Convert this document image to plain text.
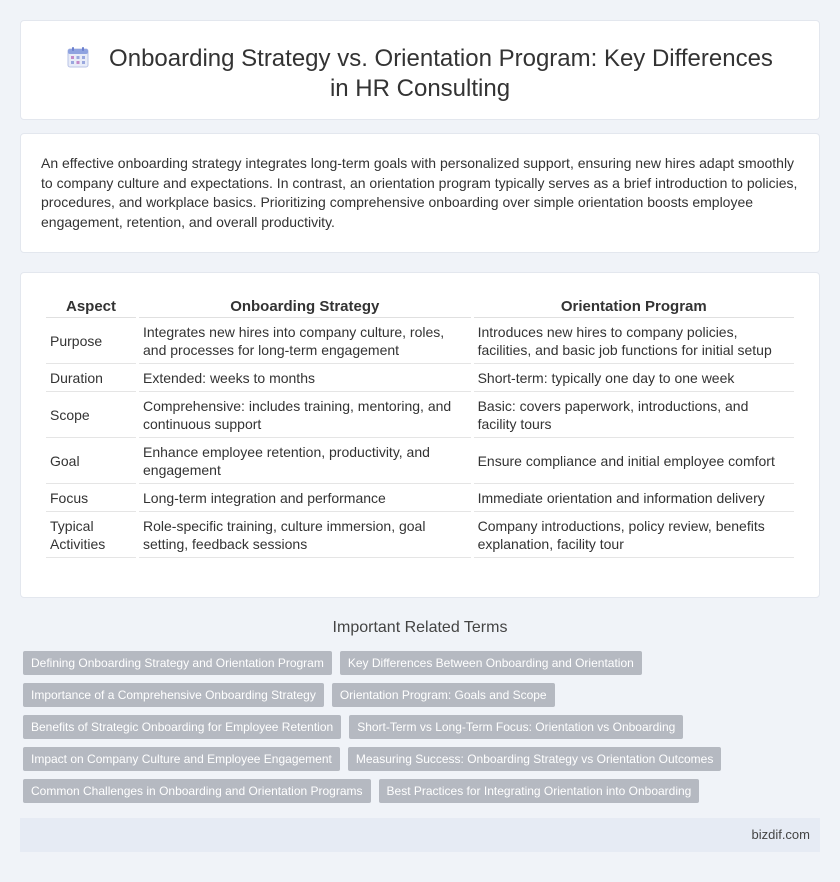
Onboarding Strategy vs. Orientation Program: Key Differences in HR Consulting

An effective onboarding strategy integrates long-term goals with personalized support, ensuring new hires adapt smoothly to company culture and expectations. In contrast, an orientation program typically serves as a brief introduction to policies, procedures, and workplace basics. Prioritizing comprehensive onboarding over simple orientation boosts employee engagement, retention, and overall productivity.

Aspect	Onboarding Strategy	Orientation Program
Purpose	Integrates new hires into company culture, roles, and processes for long-term engagement	Introduces new hires to company policies, facilities, and basic job functions for initial setup
Duration	Extended: weeks to months	Short-term: typically one day to one week
Scope	Comprehensive: includes training, mentoring, and continuous support	Basic: covers paperwork, introductions, and facility tours
Goal	Enhance employee retention, productivity, and engagement	Ensure compliance and initial employee comfort
Focus	Long-term integration and performance	Immediate orientation and information delivery
Typical Activities	Role-specific training, culture immersion, goal setting, feedback sessions	Company introductions, policy review, benefits explanation, facility tour
Important Related Terms
Defining Onboarding Strategy and Orientation Program Key Differences Between Onboarding and Orientation
Importance of a Comprehensive Onboarding Strategy Orientation Program: Goals and Scope
Benefits of Strategic Onboarding for Employee Retention Short-Term vs Long-Term Focus: Orientation vs Onboarding
Impact on Company Culture and Employee Engagement Measuring Success: Onboarding Strategy vs Orientation Outcomes
Common Challenges in Onboarding and Orientation Programs Best Practices for Integrating Orientation into Onboarding
bizdif.com
